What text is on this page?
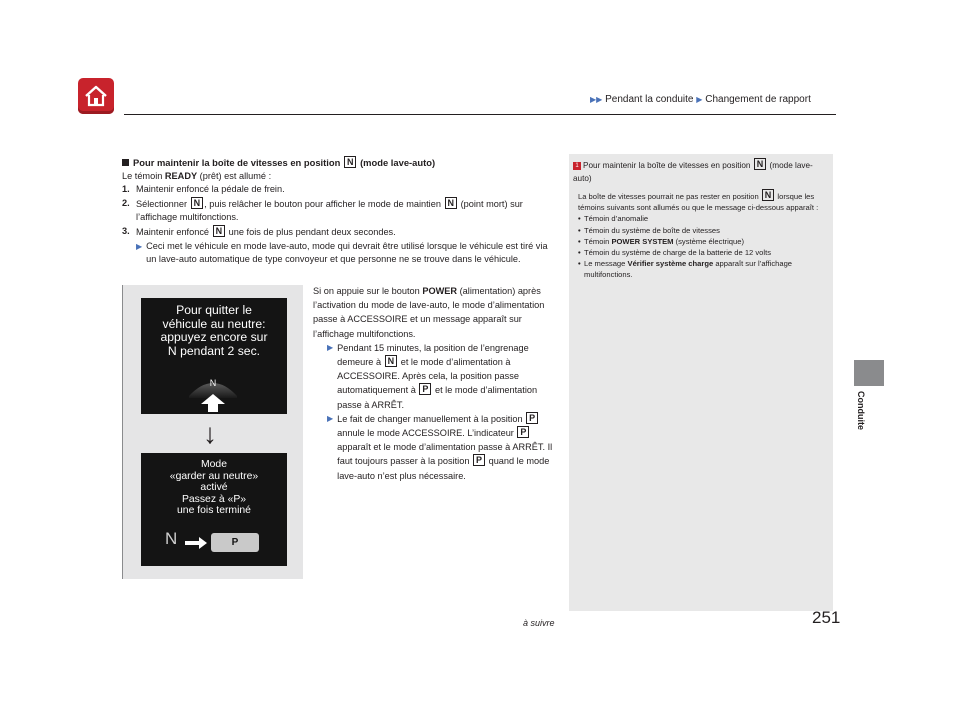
▶▶ Pendant la conduite ▶ Changement de rapport
Conduite
Pour maintenir la boîte de vitesses en position N (mode lave-auto)

Le témoin READY (prêt) est allumé :

1. Maintenir enfoncé la pédale de frein.
2. Sélectionner N , puis relâcher le bouton pour afficher le mode de maintien N (point mort) sur l’affichage multifonctions.
3. Maintenir enfoncé N une fois de plus pendant deux secondes.
▶ Ceci met le véhicule en mode lave-auto, mode qui devrait être utilisé lorsque le véhicule est tiré via un lave-auto automatique de type convoyeur et que personne ne se trouve dans le véhicule.
Pour quitter le
véhicule au neutre:
appuyez encore sur
N pendant 2 sec.
N
↓
Mode
«garder au neutre»
activé
Passez à «P»
une fois terminé
N	P

Si on appuie sur le bouton POWER (alimentation) après l’activation du mode de lave-auto, le mode d’alimentation passe à ACCESSOIRE et un message apparaît sur l’affichage multifonctions.

▶ Pendant 15 minutes, la position de l’engrenage demeure à N et le mode d’alimentation à ACCESSOIRE. Après cela, la position passe automatiquement à P et le mode d’alimentation passe à ARRÊT.
▶ Le fait de changer manuellement à la position P annule le mode ACCESSOIRE. L’indicateur P apparaît et le mode d’alimentation passe à ARRÊT. Il faut toujours passer à la position P quand le mode lave-auto n’est plus nécessaire.
1 Pour maintenir la boîte de vitesses en position N (mode lave-auto)

La boîte de vitesses pourrait ne pas rester en position N lorsque les témoins suivants sont allumés ou que le message ci-dessous apparaît :

• Témoin d’anomalie
• Témoin du système de boîte de vitesses
• Témoin POWER SYSTEM (système électrique)
• Témoin du système de charge de la batterie de 12 volts
• Le message Vérifier système charge apparaît sur l’affichage multifonctions.
à suivre	251
